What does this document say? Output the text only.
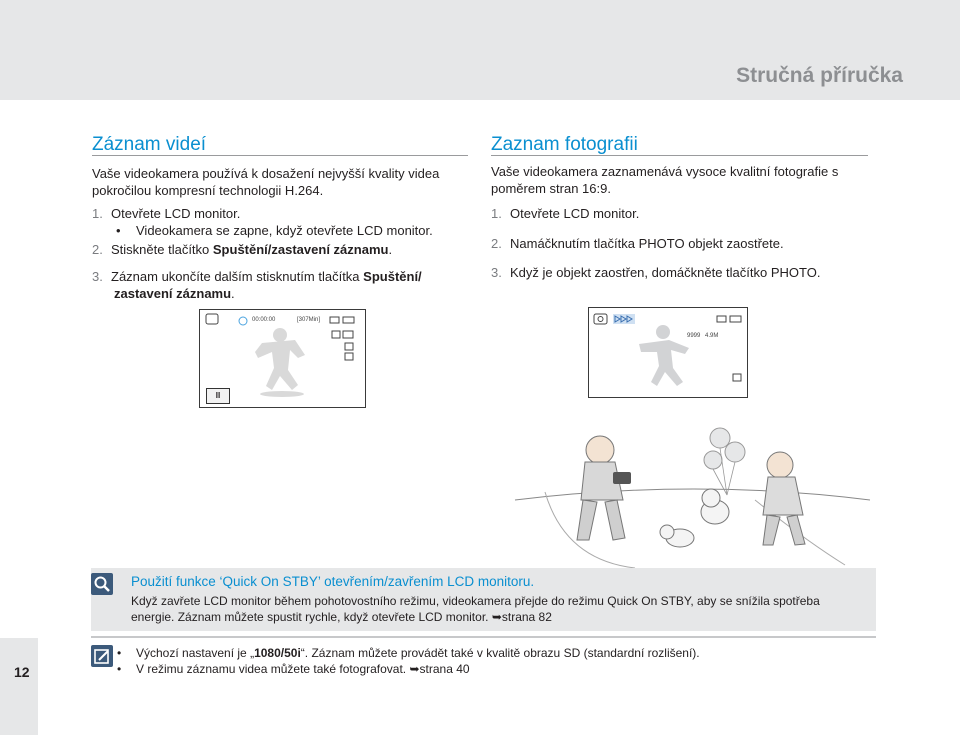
Stručná příručka
Záznam videí
Vaše videokamera používá k dosažení nejvyšší kvality videa pokročilou kompresní technologii H.264.
1. Otevřete LCD monitor.
• Videokamera se zapne, když otevřete LCD monitor.
2. Stiskněte tlačítko Spuštění/zastavení záznamu.
3. Záznam ukončíte dalším stisknutím tlačítka Spuštění/
zastavení záznamu.
00:00:00	[307Min]
II
Zaznam fotografii
Vaše videokamera zaznamenává vysoce kvalitní fotografie s poměrem stran 16:9.
1. Otevřete LCD monitor.
2. Namáčknutím tlačítka PHOTO objekt zaostřete.
3. Když je objekt zaostřen, domáčkněte tlačítko PHOTO.
9999 4.9M
Použití funkce ‘Quick On STBY’ otevřením/zavřením LCD monitoru.
Když zavřete LCD monitor během pohotovostního režimu, videokamera přejde do režimu Quick On STBY, aby se snížila spotřeba energie. Záznam můžete spustit rychle, když otevřete LCD monitor. ➥strana 82
• Výchozí nastavení je „1080/50i“. Záznam můžete provádět také v kvalitě obrazu SD (standardní rozlišení).
• V režimu záznamu videa můžete také fotografovat. ➥strana 40
12
